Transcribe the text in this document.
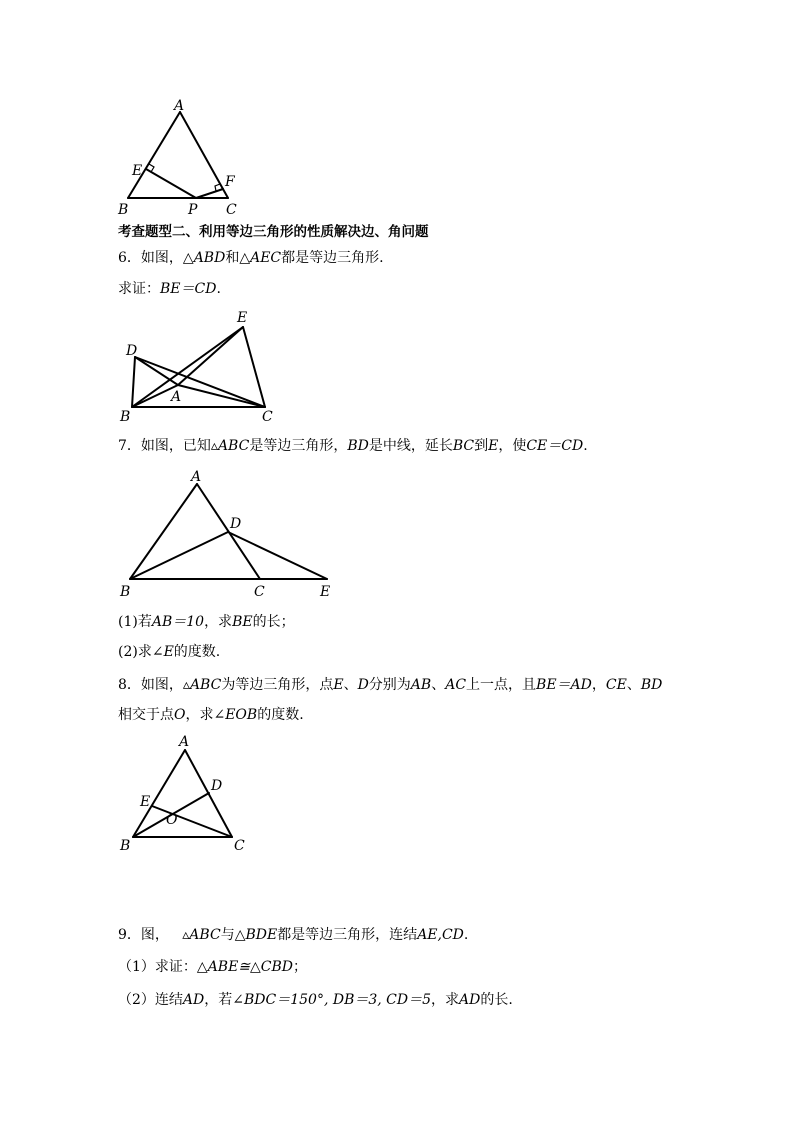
A
B	C
E
F
P
考查题型二、利用等边三角形的性质解决边、角问题
6．如图，△ABD和△AEC都是等边三角形.
求证：BE＝CD.
E
D
A
B	C
7．如图，已知▵ABC是等边三角形，BD是中线，延长BC到E，使CE＝CD.
A
D
B	C	E
(1)若AB＝10，求BE的长；
(2)求∠E的度数.
8．如图，▵ABC为等边三角形，点E、D分别为AB、AC上一点，且BE＝AD，CE、BD
相交于点O，求∠EOB的度数.
A
D
E
O
B	C
9．图， ▵ABC与△BDE都是等边三角形，连结AE,CD.
（1）求证：△ABE≅△CBD；
（2）连结AD，若∠BDC＝150°, DB＝3, CD＝5，求AD的长.
